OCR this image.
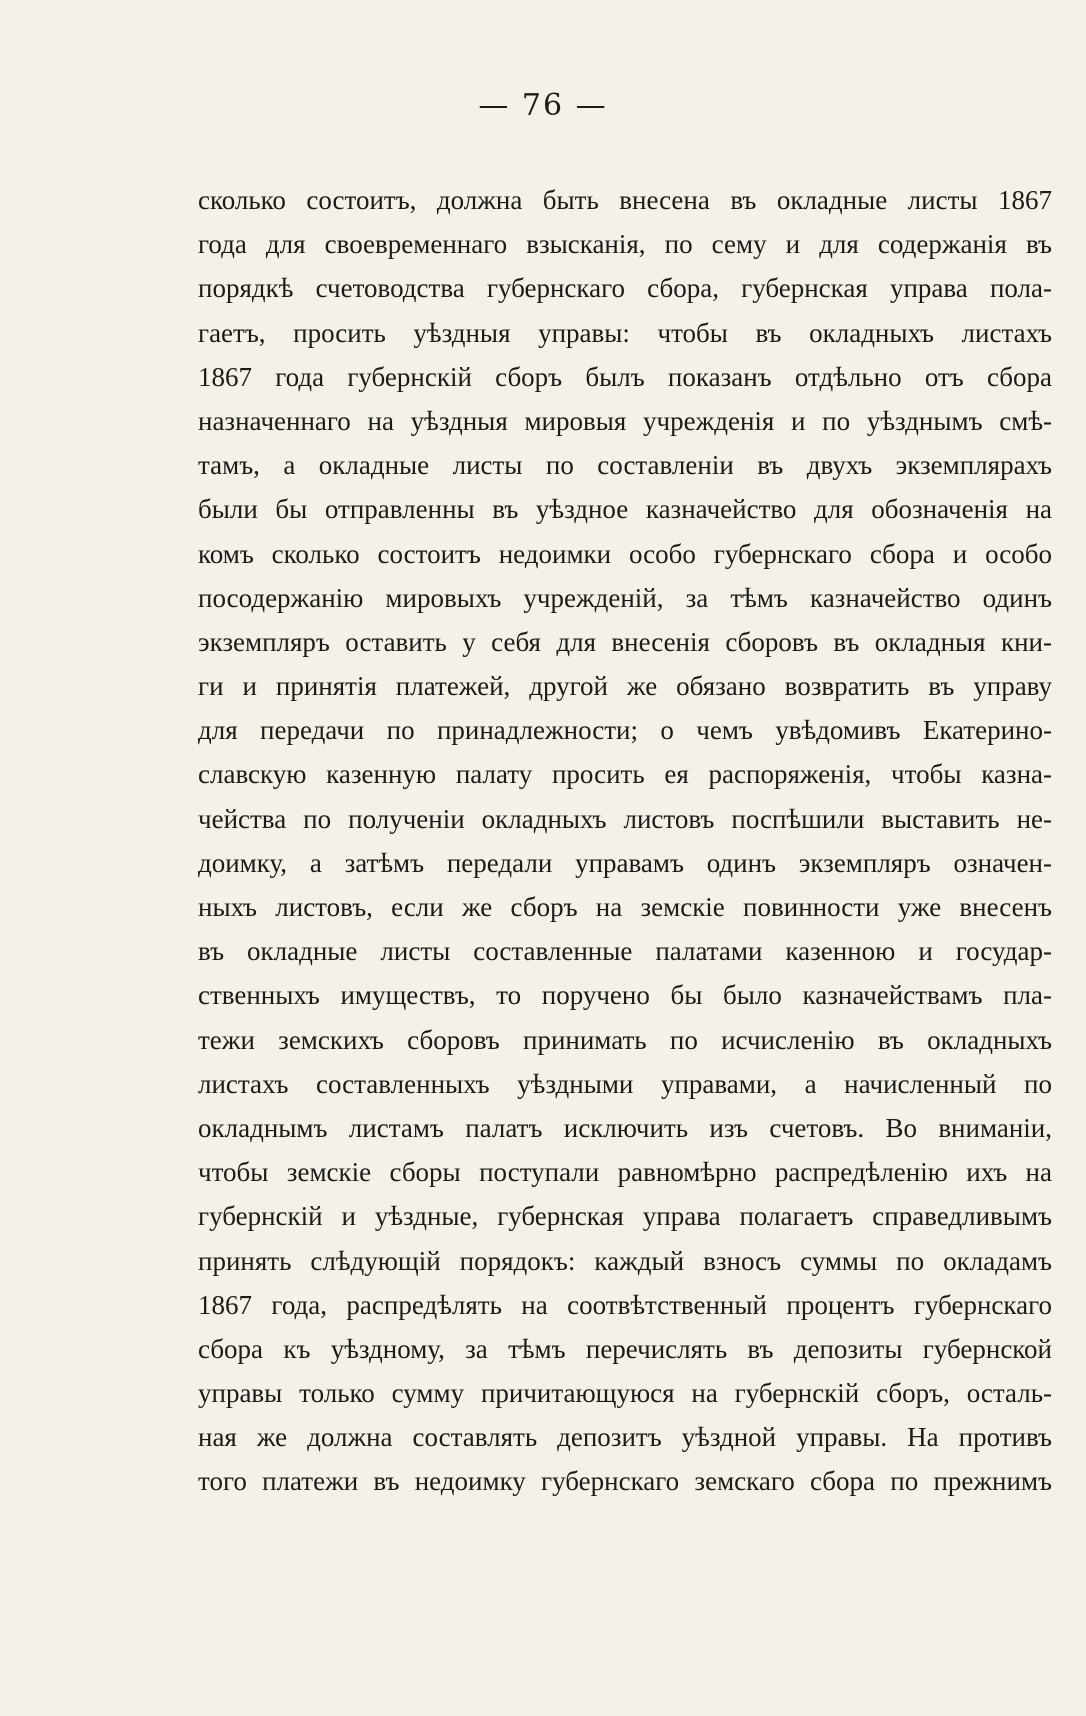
— 76 —
сколько состоитъ, должна быть внесена въ окладные листы 1867
года для своевременнаго взысканія, по сему и для содержанія въ
порядкѣ счетоводства губернскаго сбора, губернская управа пола-
гаетъ, просить уѣздныя управы: чтобы въ окладныхъ листахъ
1867 года губернскій сборъ былъ показанъ отдѣльно отъ сбора
назначеннаго на уѣздныя мировыя учрежденія и по уѣзднымъ смѣ-
тамъ, а окладные листы по составленіи въ двухъ экземплярахъ
были бы отправленны въ уѣздное казначейство для обозначенія на
комъ сколько состоитъ недоимки особо губернскаго сбора и особо
посодержанію мировыхъ учрежденій, за тѣмъ казначейство одинъ
экземпляръ оставить у себя для внесенія сборовъ въ окладныя кни-
ги и принятія платежей, другой же обязано возвратить въ управу
для передачи по принадлежности; о чемъ увѣдомивъ Екатерино-
славскую казенную палату просить ея распоряженія, чтобы казна-
чейства по полученіи окладныхъ листовъ поспѣшили выставить не-
доимку, а затѣмъ передали управамъ одинъ экземпляръ означен-
ныхъ листовъ, если же сборъ на земскіе повинности уже внесенъ
въ окладные листы составленные палатами казенною и государ-
ственныхъ имуществъ, то поручено бы было казначействамъ пла-
тежи земскихъ сборовъ принимать по исчисленію въ окладныхъ
листахъ составленныхъ уѣздными управами, а начисленный по
окладнымъ листамъ палатъ исключить изъ счетовъ. Во вниманіи,
чтобы земскіе сборы поступали равномѣрно распредѣленію ихъ на
губернскій и уѣздные, губернская управа полагаетъ справедливымъ
принять слѣдующій порядокъ: каждый взносъ суммы по окладамъ
1867 года, распредѣлять на соотвѣтственный процентъ губернскаго
сбора къ уѣздному, за тѣмъ перечислять въ депозиты губернской
управы только сумму причитающуюся на губернскій сборъ, осталь-
ная же должна составлять депозитъ уѣздной управы. На противъ
того платежи въ недоимку губернскаго земскаго сбора по прежнимъ
